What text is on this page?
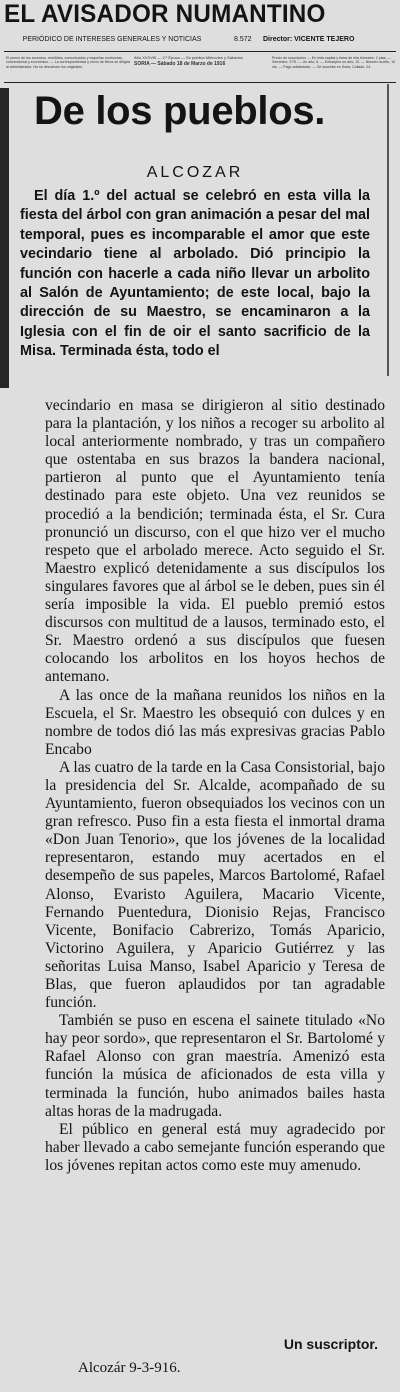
EL AVISADOR NUMANTINO
PERIÓDICO DE INTERESES GENERALES Y NOTICIAS	8.572 Director: VICENTE TEJERO
El precio de los anuncios, remitidos, comunicados y esquelas mortuorias, convencional y económico. — La correspondencia y envío de libros se dirigirá al administrador. No se devuelven los originales.
Año XXXVIII — 2.º Época — Se publica Miércoles y Sábados
SORIA — Sábado 18 de Marzo de 1916
Precio de suscripción — En esta capital y fuera de ella trimestre, 2 ptas. — Semestre, 3'75. — Un año, 6. — Extranjero un año, 10. — Número suelto, 10 cts. — Pago adelantado. — Se suscribe en Soria, Collado, 24.
De los pueblos.
ALCOZAR

El día 1.º del actual se celebró en esta villa la fiesta del árbol con gran animación a pesar del mal temporal, pues es incomparable el amor que este vecindario tiene al arbolado. Dió principio la función con hacerle a cada niño llevar un arbolito al Salón de Ayuntamiento; de este local, bajo la dirección de su Maestro, se encaminaron a la Iglesia con el fin de oir el santo sacrificio de la Misa. Terminada ésta, todo el

vecindario en masa se dirigieron al sitio destinado para la plantación, y los niños a recoger su arbolito al local anteriormente nombrado, y tras un compañero que ostentaba en sus brazos la bandera nacional, partieron al punto que el Ayuntamiento tenía destinado para este objeto. Una vez reunidos se procedió a la bendición; terminada ésta, el Sr. Cura pronunció un discurso, con el que hizo ver el mucho respeto que el arbolado merece. Acto seguido el Sr. Maestro explicó detenidamente a sus discípulos los singulares favores que al árbol se le deben, pues sin él sería imposible la vida. El pueblo premió estos discursos con multitud de a lausos, terminado esto, el Sr. Maestro ordenó a sus discípulos que fuesen colocando los arbolitos en los hoyos hechos de antemano.

A las once de la mañana reunidos los niños en la Escuela, el Sr. Maestro les obsequió con dulces y en nombre de todos dió las más expresivas gracias Pablo Encabo

A las cuatro de la tarde en la Casa Consistorial, bajo la presidencia del Sr. Alcalde, acompañado de su Ayuntamiento, fueron obsequiados los vecinos con un gran refresco. Puso fin a esta fiesta el inmortal drama «Don Juan Tenorio», que los jóvenes de la localidad representaron, estando muy acertados en el desempeño de sus papeles, Marcos Bartolomé, Rafael Alonso, Evaristo Aguilera, Macario Vicente, Fernando Puentedura, Dionisio Rejas, Francisco Vicente, Bonifacio Cabrerizo, Tomás Aparicio, Victorino Aguilera, y Aparicio Gutiérrez y las señoritas Luisa Manso, Isabel Aparicio y Teresa de Blas, que fueron aplaudidos por tan agradable función.

También se puso en escena el sainete titulado «No hay peor sordo», que representaron el Sr. Bartolomé y Rafael Alonso con gran maestría. Amenizó esta función la música de aficionados de esta villa y terminada la función, hubo animados bailes hasta altas horas de la madrugada.

El público en general está muy agradecido por haber llevado a cabo semejante función esperando que los jóvenes repitan actos como este muy amenudo.

Un suscriptor.
Alcozár 9-3-916.
